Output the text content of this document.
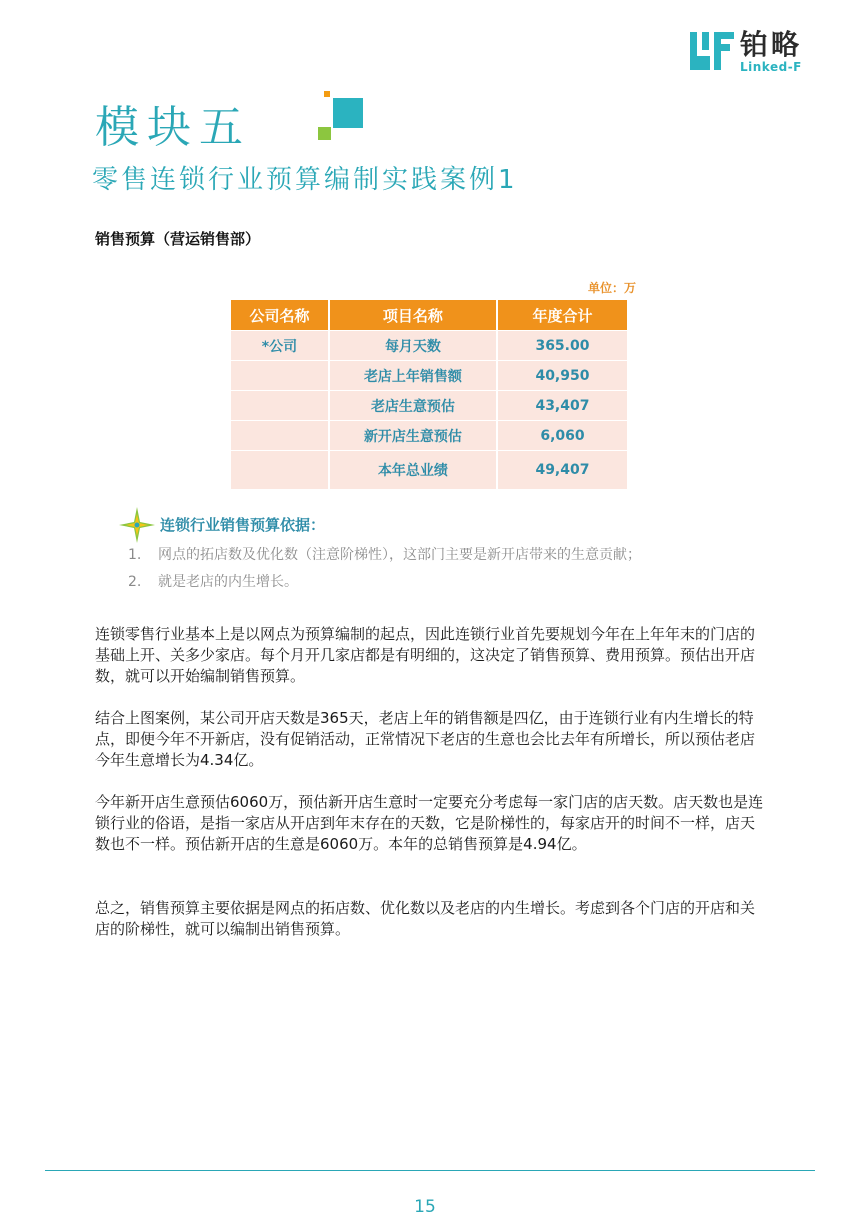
铂略
Linked-F
模块五
零售连锁行业预算编制实践案例1
销售预算（营运销售部）
单位：万
公司名称	项目名称	年度合计
*公司	每月天数	365.00
	老店上年销售额	40,950
	老店生意预估	43,407
	新开店生意预估	6,060
	本年总业绩	49,407
连锁行业销售预算依据：
1. 网点的拓店数及优化数（注意阶梯性），这部门主要是新开店带来的生意贡献；
2. 就是老店的内生增长。
连锁零售行业基本上是以网点为预算编制的起点，因此连锁行业首先要规划今年在上年年末的门店的基础上开、关多少家店。每个月开几家店都是有明细的，这决定了销售预算、费用预算。预估出开店数，就可以开始编制销售预算。
结合上图案例，某公司开店天数是365天，老店上年的销售额是四亿，由于连锁行业有内生增长的特点，即便今年不开新店，没有促销活动，正常情况下老店的生意也会比去年有所增长，所以预估老店今年生意增长为4.34亿。
今年新开店生意预估6060万，预估新开店生意时一定要充分考虑每一家门店的店天数。店天数也是连锁行业的俗语，是指一家店从开店到年末存在的天数，它是阶梯性的，每家店开的时间不一样，店天数也不一样。预估新开店的生意是6060万。本年的总销售预算是4.94亿。
总之，销售预算主要依据是网点的拓店数、优化数以及老店的内生增长。考虑到各个门店的开店和关店的阶梯性，就可以编制出销售预算。
15
